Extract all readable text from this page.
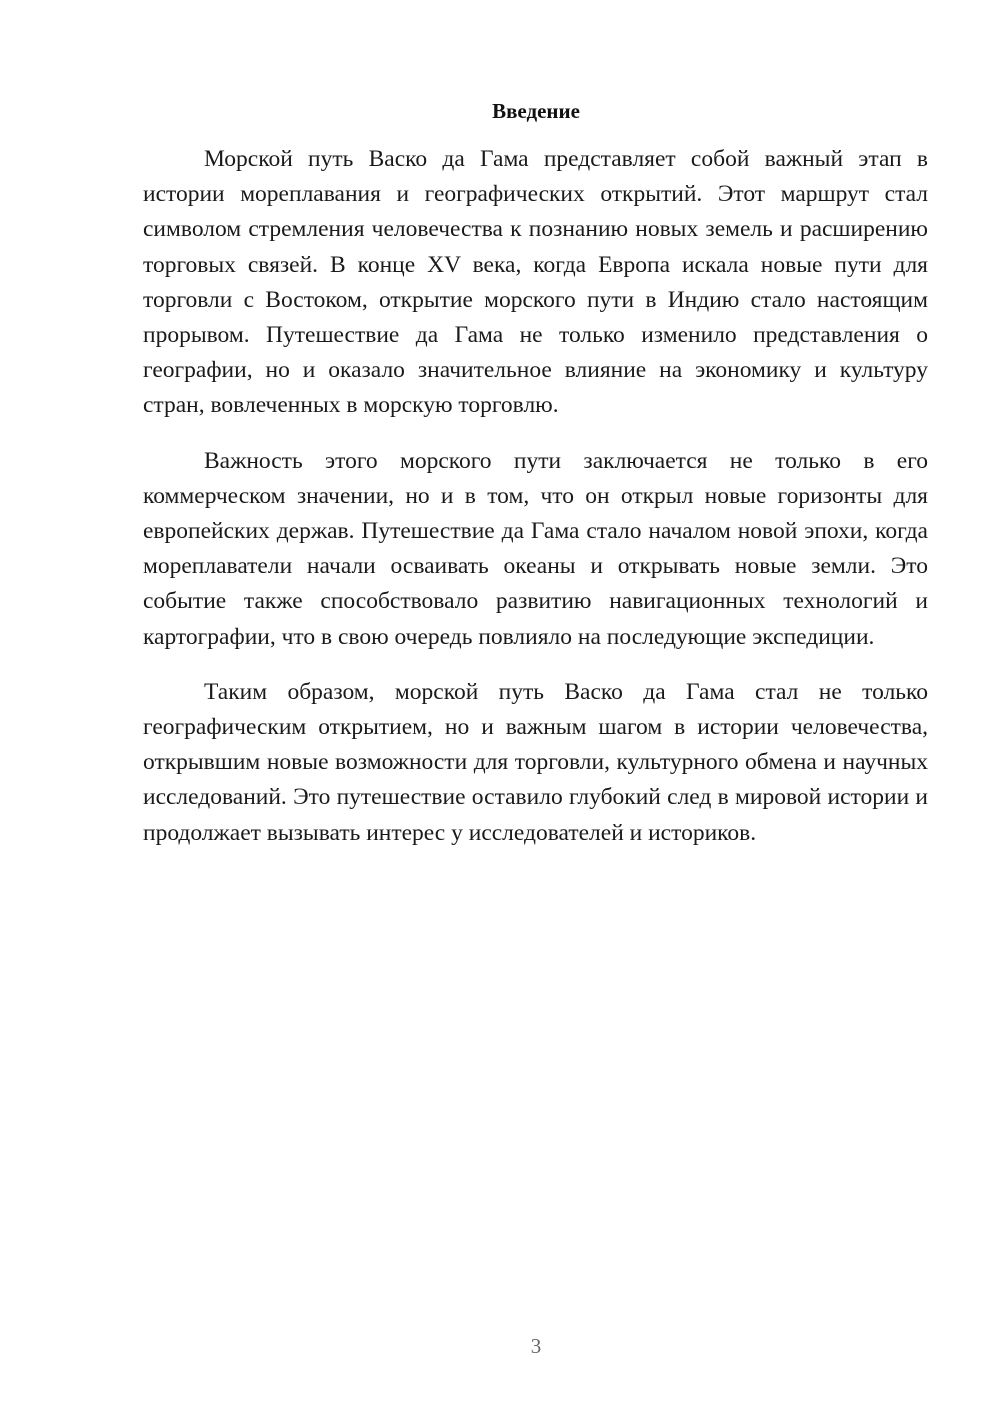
Введение

Морской путь Васко да Гама представляет собой важный этап в истории мореплавания и географических открытий. Этот маршрут стал символом стремления человечества к познанию новых земель и расширению торговых связей. В конце XV века, когда Европа искала новые пути для торговли с Востоком, открытие морского пути в Индию стало настоящим прорывом. Путешествие да Гама не только изменило представления о географии, но и оказало значительное влияние на экономику и культуру стран, вовлеченных в морскую торговлю.

Важность этого морского пути заключается не только в его коммерческом значении, но и в том, что он открыл новые горизонты для европейских держав. Путешествие да Гама стало началом новой эпохи, когда мореплаватели начали осваивать океаны и открывать новые земли. Это событие также способствовало развитию навигационных технологий и картографии, что в свою очередь повлияло на последующие экспедиции.

Таким образом, морской путь Васко да Гама стал не только географическим открытием, но и важным шагом в истории человечества, открывшим новые возможности для торговли, культурного обмена и научных исследований. Это путешествие оставило глубокий след в мировой истории и продолжает вызывать интерес у исследователей и историков.

3
